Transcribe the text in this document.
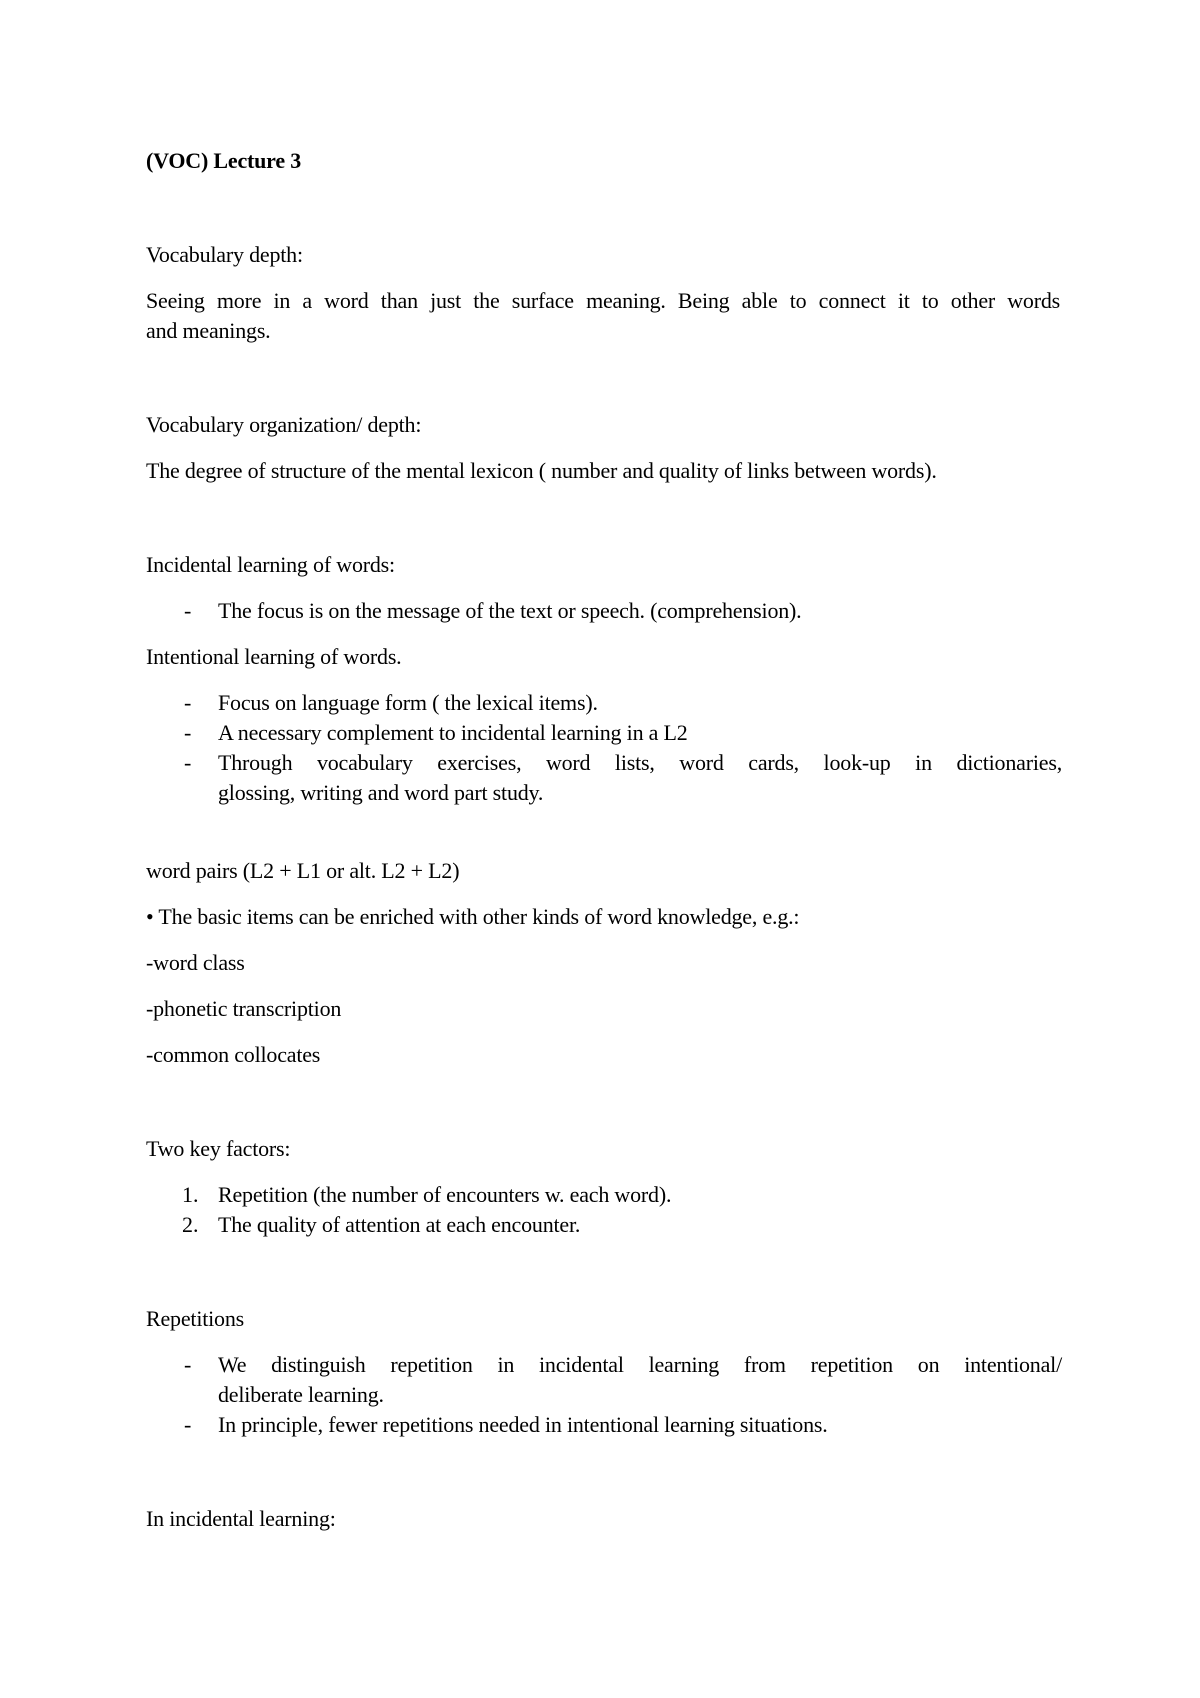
(VOC) Lecture 3
Vocabulary depth:
Seeing more in a word than just the surface meaning. Being able to connect it to other words
and meanings.
Vocabulary organization/ depth:
The degree of structure of the mental lexicon ( number and quality of links between words).
Incidental learning of words:
- The focus is on the message of the text or speech. (comprehension).
Intentional learning of words.
- Focus on language form ( the lexical items).
- A necessary complement to incidental learning in a L2
- Through vocabulary exercises, word lists, word cards, look-up in dictionaries,
glossing, writing and word part study.
word pairs (L2 + L1 or alt. L2 + L2)
• The basic items can be enriched with other kinds of word knowledge, e.g.:
-word class
-phonetic transcription
-common collocates
Two key factors:
1. Repetition (the number of encounters w. each word).
2. The quality of attention at each encounter.
Repetitions
- We distinguish repetition in incidental learning from repetition on intentional/
deliberate learning.
- In principle, fewer repetitions needed in intentional learning situations.
In incidental learning:
